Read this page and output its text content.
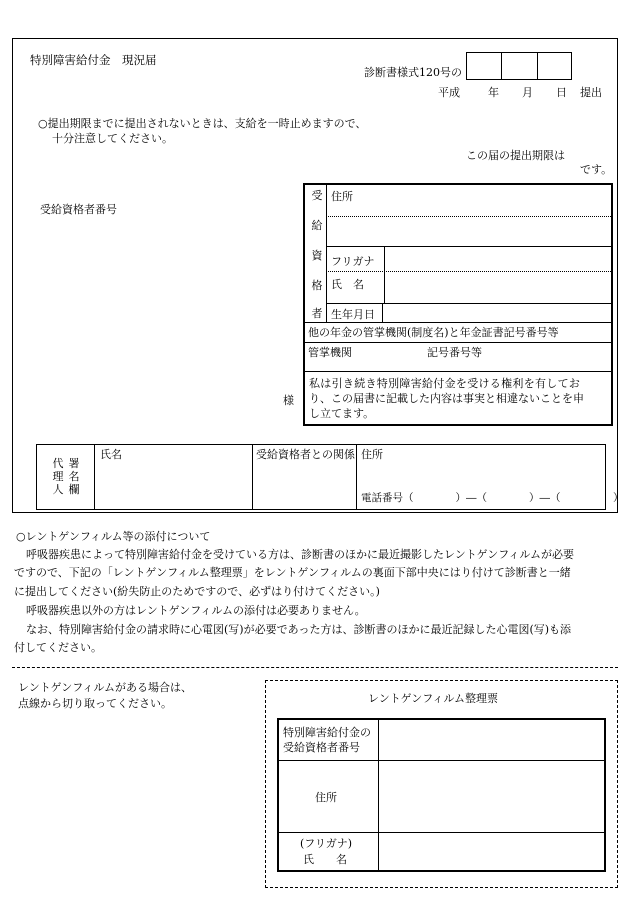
特別障害給付金　現況届
診断書様式120号の
平成	年 月 日 提出
○提出期限までに提出されないときは、支給を一時止めますので、
十分注意してください。
この届の提出期限は
です。
受給資格者番号
受
給
資
格
者
住所
フリガナ
氏　名
生年月日
他の年金の管掌機関(制度名)と年金証書記号番号等
管掌機関	記号番号等
私は引き続き特別障害給付金を受ける権利を有してお
り、この届書に記載した内容は事実と相違ないことを申
し立てます。
様
代
理
人
署
名
欄
氏名	受給資格者との関係 住所
電話番号（　　　　）―（　　　　）―（　　　　　）
○レントゲンフィルム等の添付について
呼吸器疾患によって特別障害給付金を受けている方は、診断書のほかに最近撮影したレントゲンフィルムが必要
ですので、下記の「レントゲンフィルム整理票」をレントゲンフィルムの裏面下部中央にはり付けて診断書と一緒
に提出してください(紛失防止のためですので、必ずはり付けてください。)
呼吸器疾患以外の方はレントゲンフィルムの添付は必要ありません。
なお、特別障害給付金の請求時に心電図(写)が必要であった方は、診断書のほかに最近記録した心電図(写)も添
付してください。
レントゲンフィルムがある場合は、
点線から切り取ってください。	レントゲンフィルム整理票
特別障害給付金の
受給資格者番号
住所
(フリガナ)
氏　　名
